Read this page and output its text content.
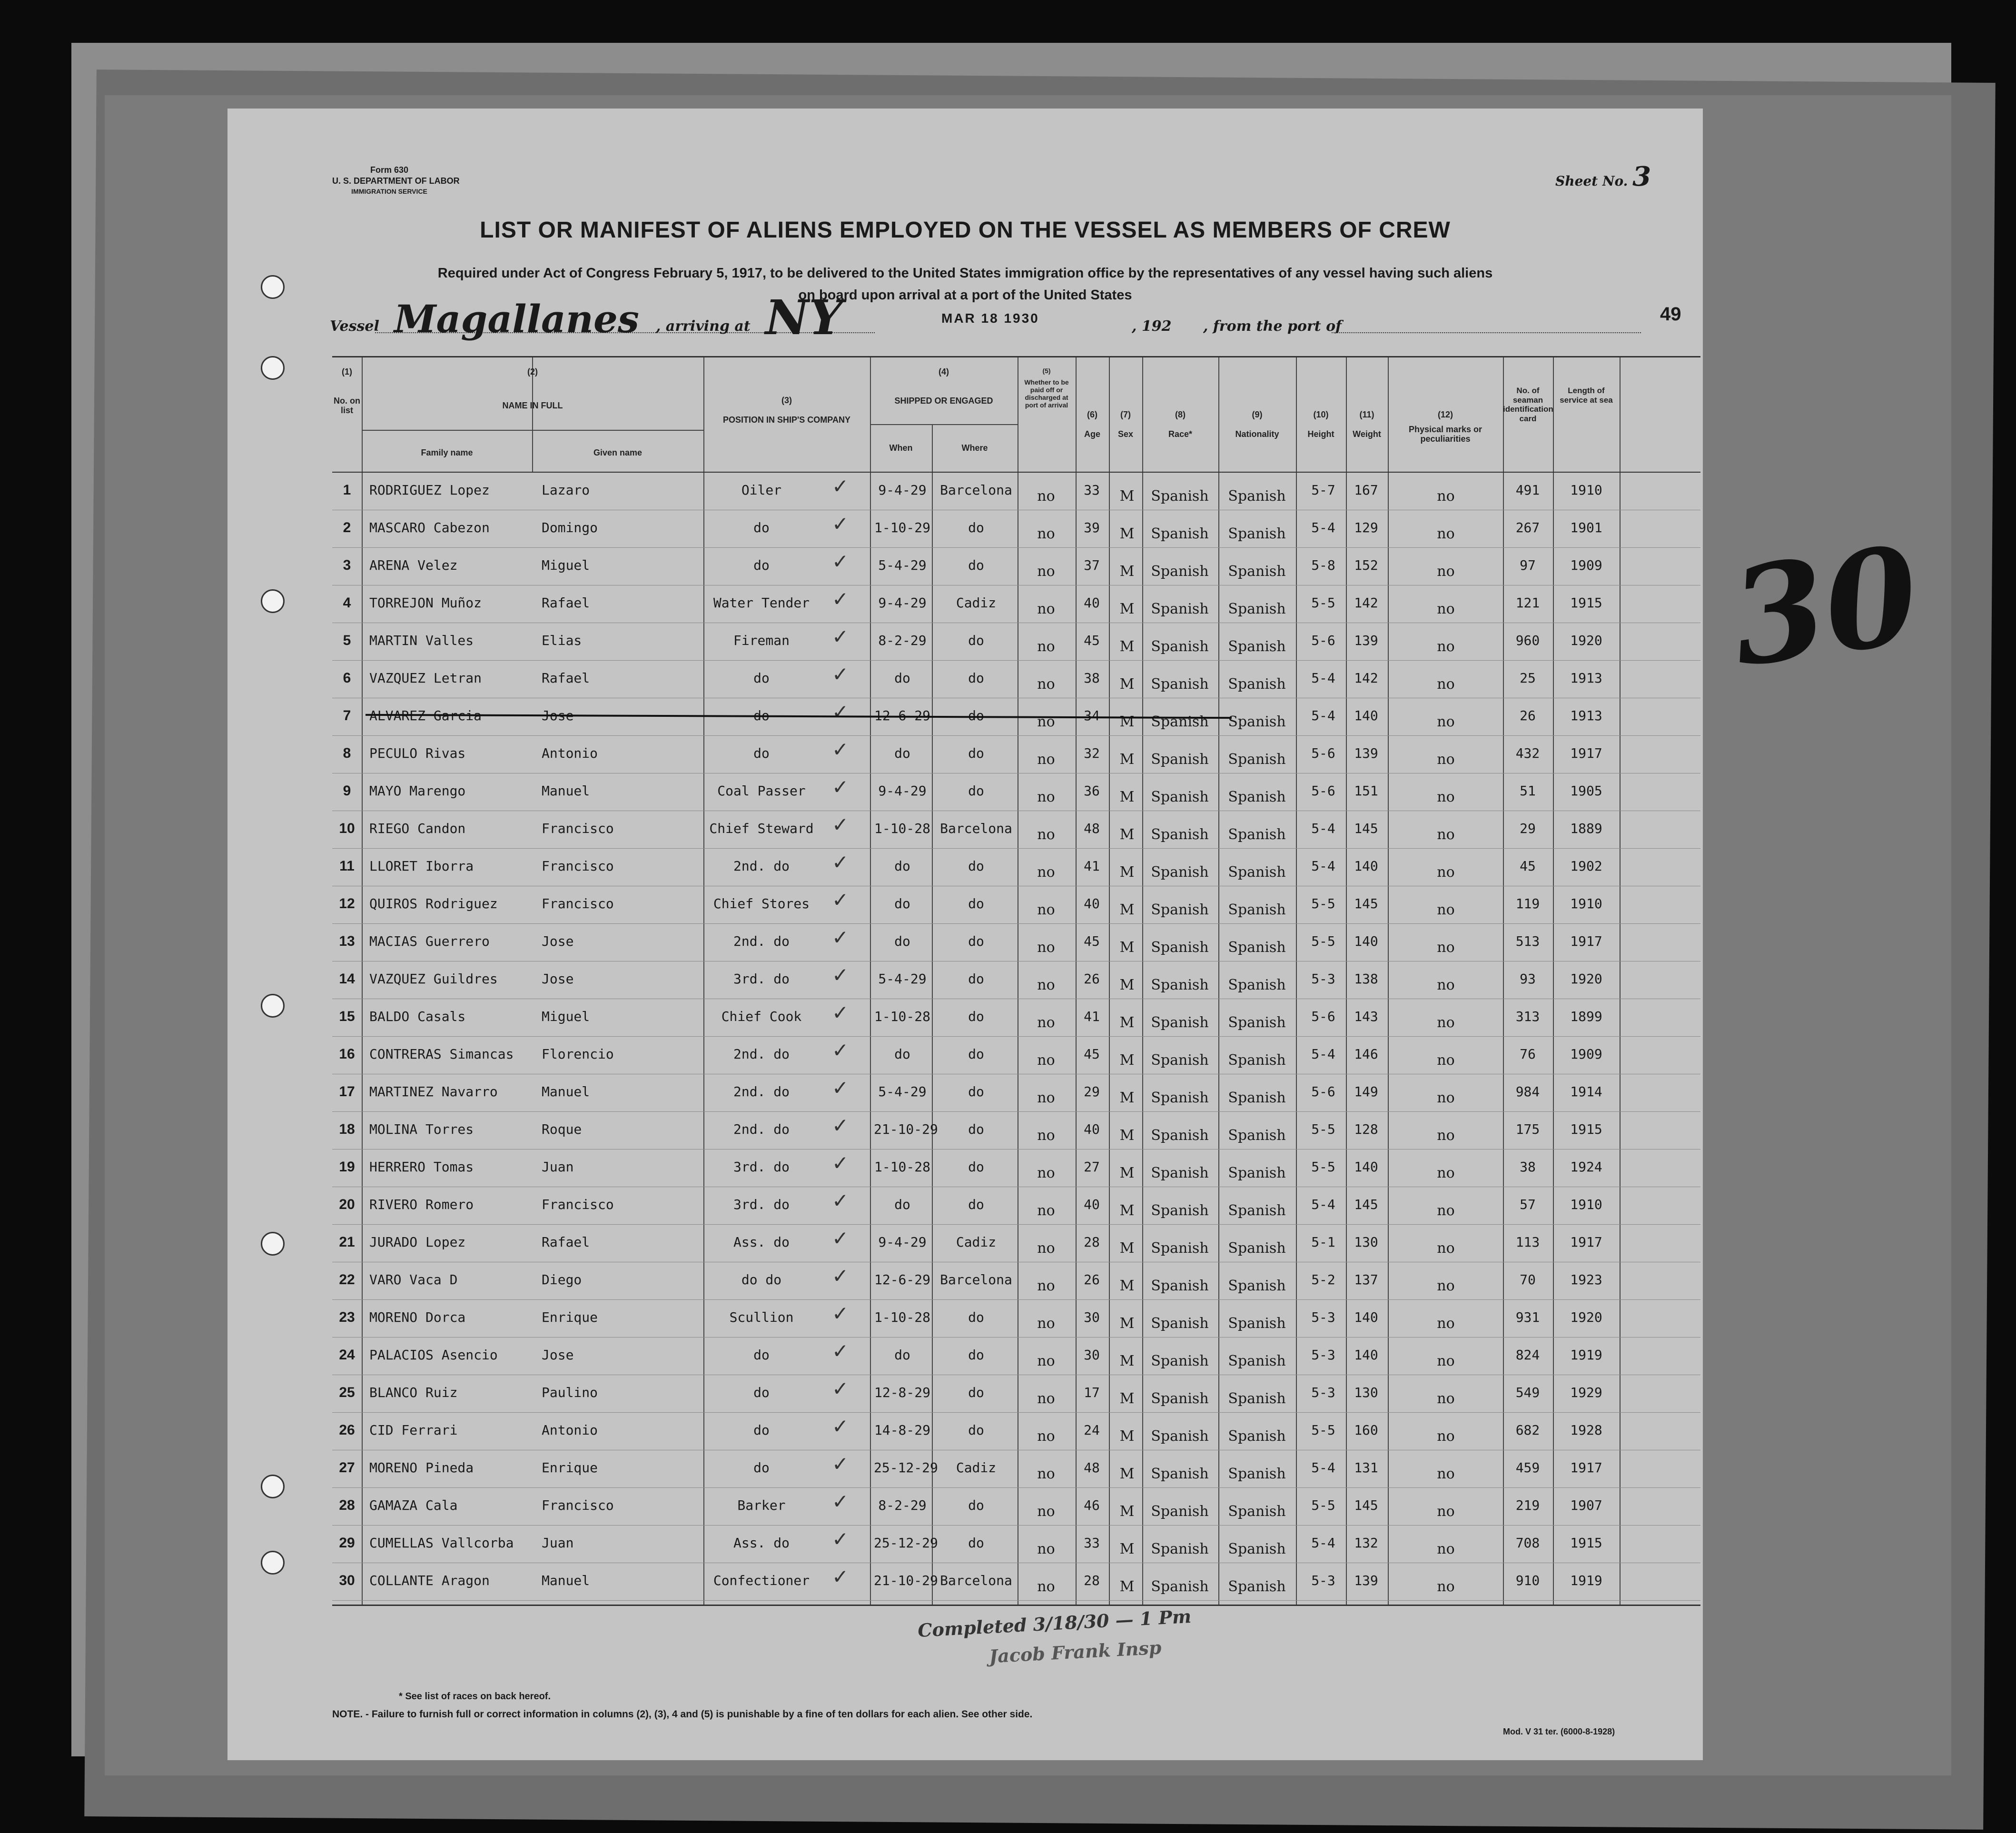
30
Form 630
U. S. DEPARTMENT OF LABOR
IMMIGRATION SERVICE
Sheet No. 3
LIST OR MANIFEST OF ALIENS EMPLOYED ON THE VESSEL AS MEMBERS OF CREW
Required under Act of Congress February 5, 1917, to be delivered to the United States immigration office by the representatives of any vessel having such aliens
on board upon arrival at a port of the United States
Vessel Magallanes , arriving at NY	MAR 18 1930	, 192 , from the port of
49
(1)
No. on list
(2)
NAME IN FULL
Family name	Given name
(3)
POSITION IN SHIP'S COMPANY
(4)
SHIPPED OR ENGAGED
When	Where
(5)
Whether to be paid off or discharged at port of arrival
(6)
Age
(7)
Sex
(8)
Race*
(9)
Nationality
(10)
Height
(11)
Weight
(12)
Physical marks or peculiarities
No. of seaman identification card
Length of service at sea
1	RODRIGUEZ Lopez	Lazaro	Oiler	9-4-29	Barcelona	no	33	M	Spanish	Spanish	5-7	167	no	491	1910
✓
2	MASCARO Cabezon	Domingo	do	1-10-29	do	no	39	M	Spanish	Spanish	5-4	129	no	267	1901
✓
3	ARENA Velez	Miguel	do	5-4-29	do	no	37	M	Spanish	Spanish	5-8	152	no	97	1909
✓
4	TORREJON Muñoz	Rafael	Water Tender	9-4-29	Cadiz	no	40	M	Spanish	Spanish	5-5	142	no	121	1915
✓
5	MARTIN Valles	Elias	Fireman	8-2-29	do	no	45	M	Spanish	Spanish	5-6	139	no	960	1920
✓
6	VAZQUEZ Letran	Rafael	do	do	do	no	38	M	Spanish	Spanish	5-4	142	no	25	1913
✓
7	ALVAREZ Garcia	Jose	do	12-6-29	do	no	34	M	Spanish	Spanish	5-4	140	no	26	1913
✓
8	PECULO Rivas	Antonio	do	do	do	no	32	M	Spanish	Spanish	5-6	139	no	432	1917
✓
9	MAYO Marengo	Manuel	Coal Passer	9-4-29	do	no	36	M	Spanish	Spanish	5-6	151	no	51	1905
✓
10	RIEGO Candon	Francisco	Chief Steward	1-10-28 Barcelona	no	48	M	Spanish	Spanish	5-4	145	no	29	1889
✓
11	LLORET Iborra	Francisco	2nd. do	do	do	no	41	M	Spanish	Spanish	5-4	140	no	45	1902
✓
12	QUIROS Rodriguez	Francisco	Chief Stores	do	do	no	40	M	Spanish	Spanish	5-5	145	no	119	1910
✓
13	MACIAS Guerrero	Jose	2nd. do	do	do	no	45	M	Spanish	Spanish	5-5	140	no	513	1917
✓
14	VAZQUEZ Guildres	Jose	3rd. do	5-4-29	do	no	26	M	Spanish	Spanish	5-3	138	no	93	1920
✓
15	BALDO Casals	Miguel	Chief Cook	1-10-28	do	no	41	M	Spanish	Spanish	5-6	143	no	313	1899
✓
16	CONTRERAS Simancas Florencio	2nd. do	do	do	no	45	M	Spanish	Spanish	5-4	146	no	76	1909
✓
17	MARTINEZ Navarro	Manuel	2nd. do	5-4-29	do	no	29	M	Spanish	Spanish	5-6	149	no	984	1914
✓
18	MOLINA Torres	Roque	2nd. do	21-10-29	do	no	40	M	Spanish	Spanish	5-5	128	no	175	1915
✓
19	HERRERO Tomas	Juan	3rd. do	1-10-28	do	no	27	M	Spanish	Spanish	5-5	140	no	38	1924
✓
20	RIVERO Romero	Francisco	3rd. do	do	do	no	40	M	Spanish	Spanish	5-4	145	no	57	1910
✓
21	JURADO Lopez	Rafael	Ass. do	9-4-29	Cadiz	no	28	M	Spanish	Spanish	5-1	130	no	113	1917
✓
22	VARO Vaca D	Diego	do do	12-6-29 Barcelona	no	26	M	Spanish	Spanish	5-2	137	no	70	1923
✓
23	MORENO Dorca	Enrique	Scullion	1-10-28	do	no	30	M	Spanish	Spanish	5-3	140	no	931	1920
✓
24	PALACIOS Asencio	Jose	do	do	do	no	30	M	Spanish	Spanish	5-3	140	no	824	1919
✓
25	BLANCO Ruiz	Paulino	do	12-8-29	do	no	17	M	Spanish	Spanish	5-3	130	no	549	1929
✓
26	CID Ferrari	Antonio	do	14-8-29	do	no	24	M	Spanish	Spanish	5-5	160	no	682	1928
✓
27	MORENO Pineda	Enrique	do	25-12-29	Cadiz	no	48	M	Spanish	Spanish	5-4	131	no	459	1917
✓
28	GAMAZA Cala	Francisco	Barker	8-2-29	do	no	46	M	Spanish	Spanish	5-5	145	no	219	1907
✓
29	CUMELLAS Vallcorba Juan	Ass. do	25-12-29	do	no	33	M	Spanish	Spanish	5-4	132	no	708	1915
✓
30	COLLANTE Aragon	Manuel	Confectioner	21-10-29 Barcelona	no	28	M	Spanish	Spanish	5-3	139	no	910	1919
✓
Completed 3/18/30 — 1 Pm
Jacob Frank Insp
* See list of races on back hereof.
NOTE. - Failure to furnish full or correct information in columns (2), (3), 4 and (5) is punishable by a fine of ten dollars for each alien. See other side.
Mod. V 31 ter. (6000-8-1928)
